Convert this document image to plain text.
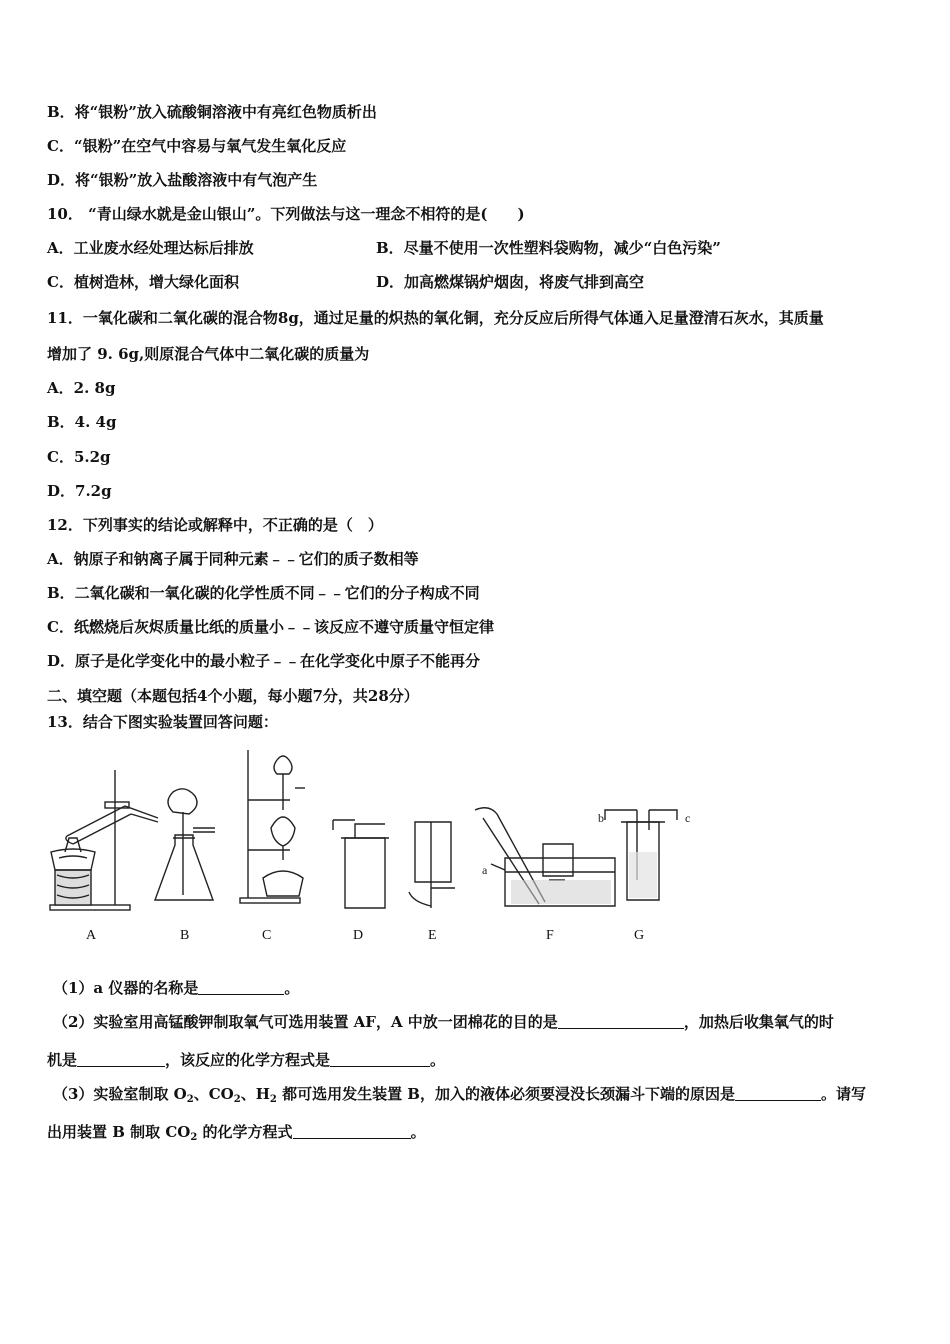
B．将“银粉”放入硫酸铜溶液中有亮红色物质析出
C．“银粉”在空气中容易与氧气发生氧化反应
D．将“银粉”放入盐酸溶液中有气泡产生
10． “青山绿水就是金山银山”。下列做法与这一理念不相符的是(　　)
A．工业废水经处理达标后排放	B．尽量不使用一次性塑料袋购物，减少“白色污染”
C．植树造林，增大绿化面积	D．加高燃煤锅炉烟囱，将废气排到高空
11．一氧化碳和二氧化碳的混合物8g，通过足量的炽热的氧化铜，充分反应后所得气体通入足量澄清石灰水，其质量
增加了 9. 6g,则原混合气体中二氧化碳的质量为
A．2. 8g
B．4. 4g
C．5.2g
D．7.2g
12．下列事实的结论或解释中，不正确的是（　）
A．钠原子和钠离子属于同种元素﹣﹣它们的质子数相等
B．二氧化碳和一氧化碳的化学性质不同﹣﹣它们的分子构成不同
C．纸燃烧后灰烬质量比纸的质量小﹣﹣该反应不遵守质量守恒定律
D．原子是化学变化中的最小粒子﹣﹣在化学变化中原子不能再分
二、填空题（本题包括4个小题，每小题7分，共28分）
13．结合下图实验装置回答问题：
a
b	c
A	B	C	D	E	F	G
（1）a 仪器的名称是	。
（2）实验室用高锰酸钾制取氧气可选用装置 AF，A 中放一团棉花的目的是	，加热后收集氧气的时
机是	，该反应的化学方程式是	。
（3）实验室制取 $O_2$、$CO_2$、$H_2$ 都可选用发生装置 B，加入的液体必须要浸没长颈漏斗下端的原因是	。请写
出用装置 B 制取 $CO_2$ 的化学方程式	。
